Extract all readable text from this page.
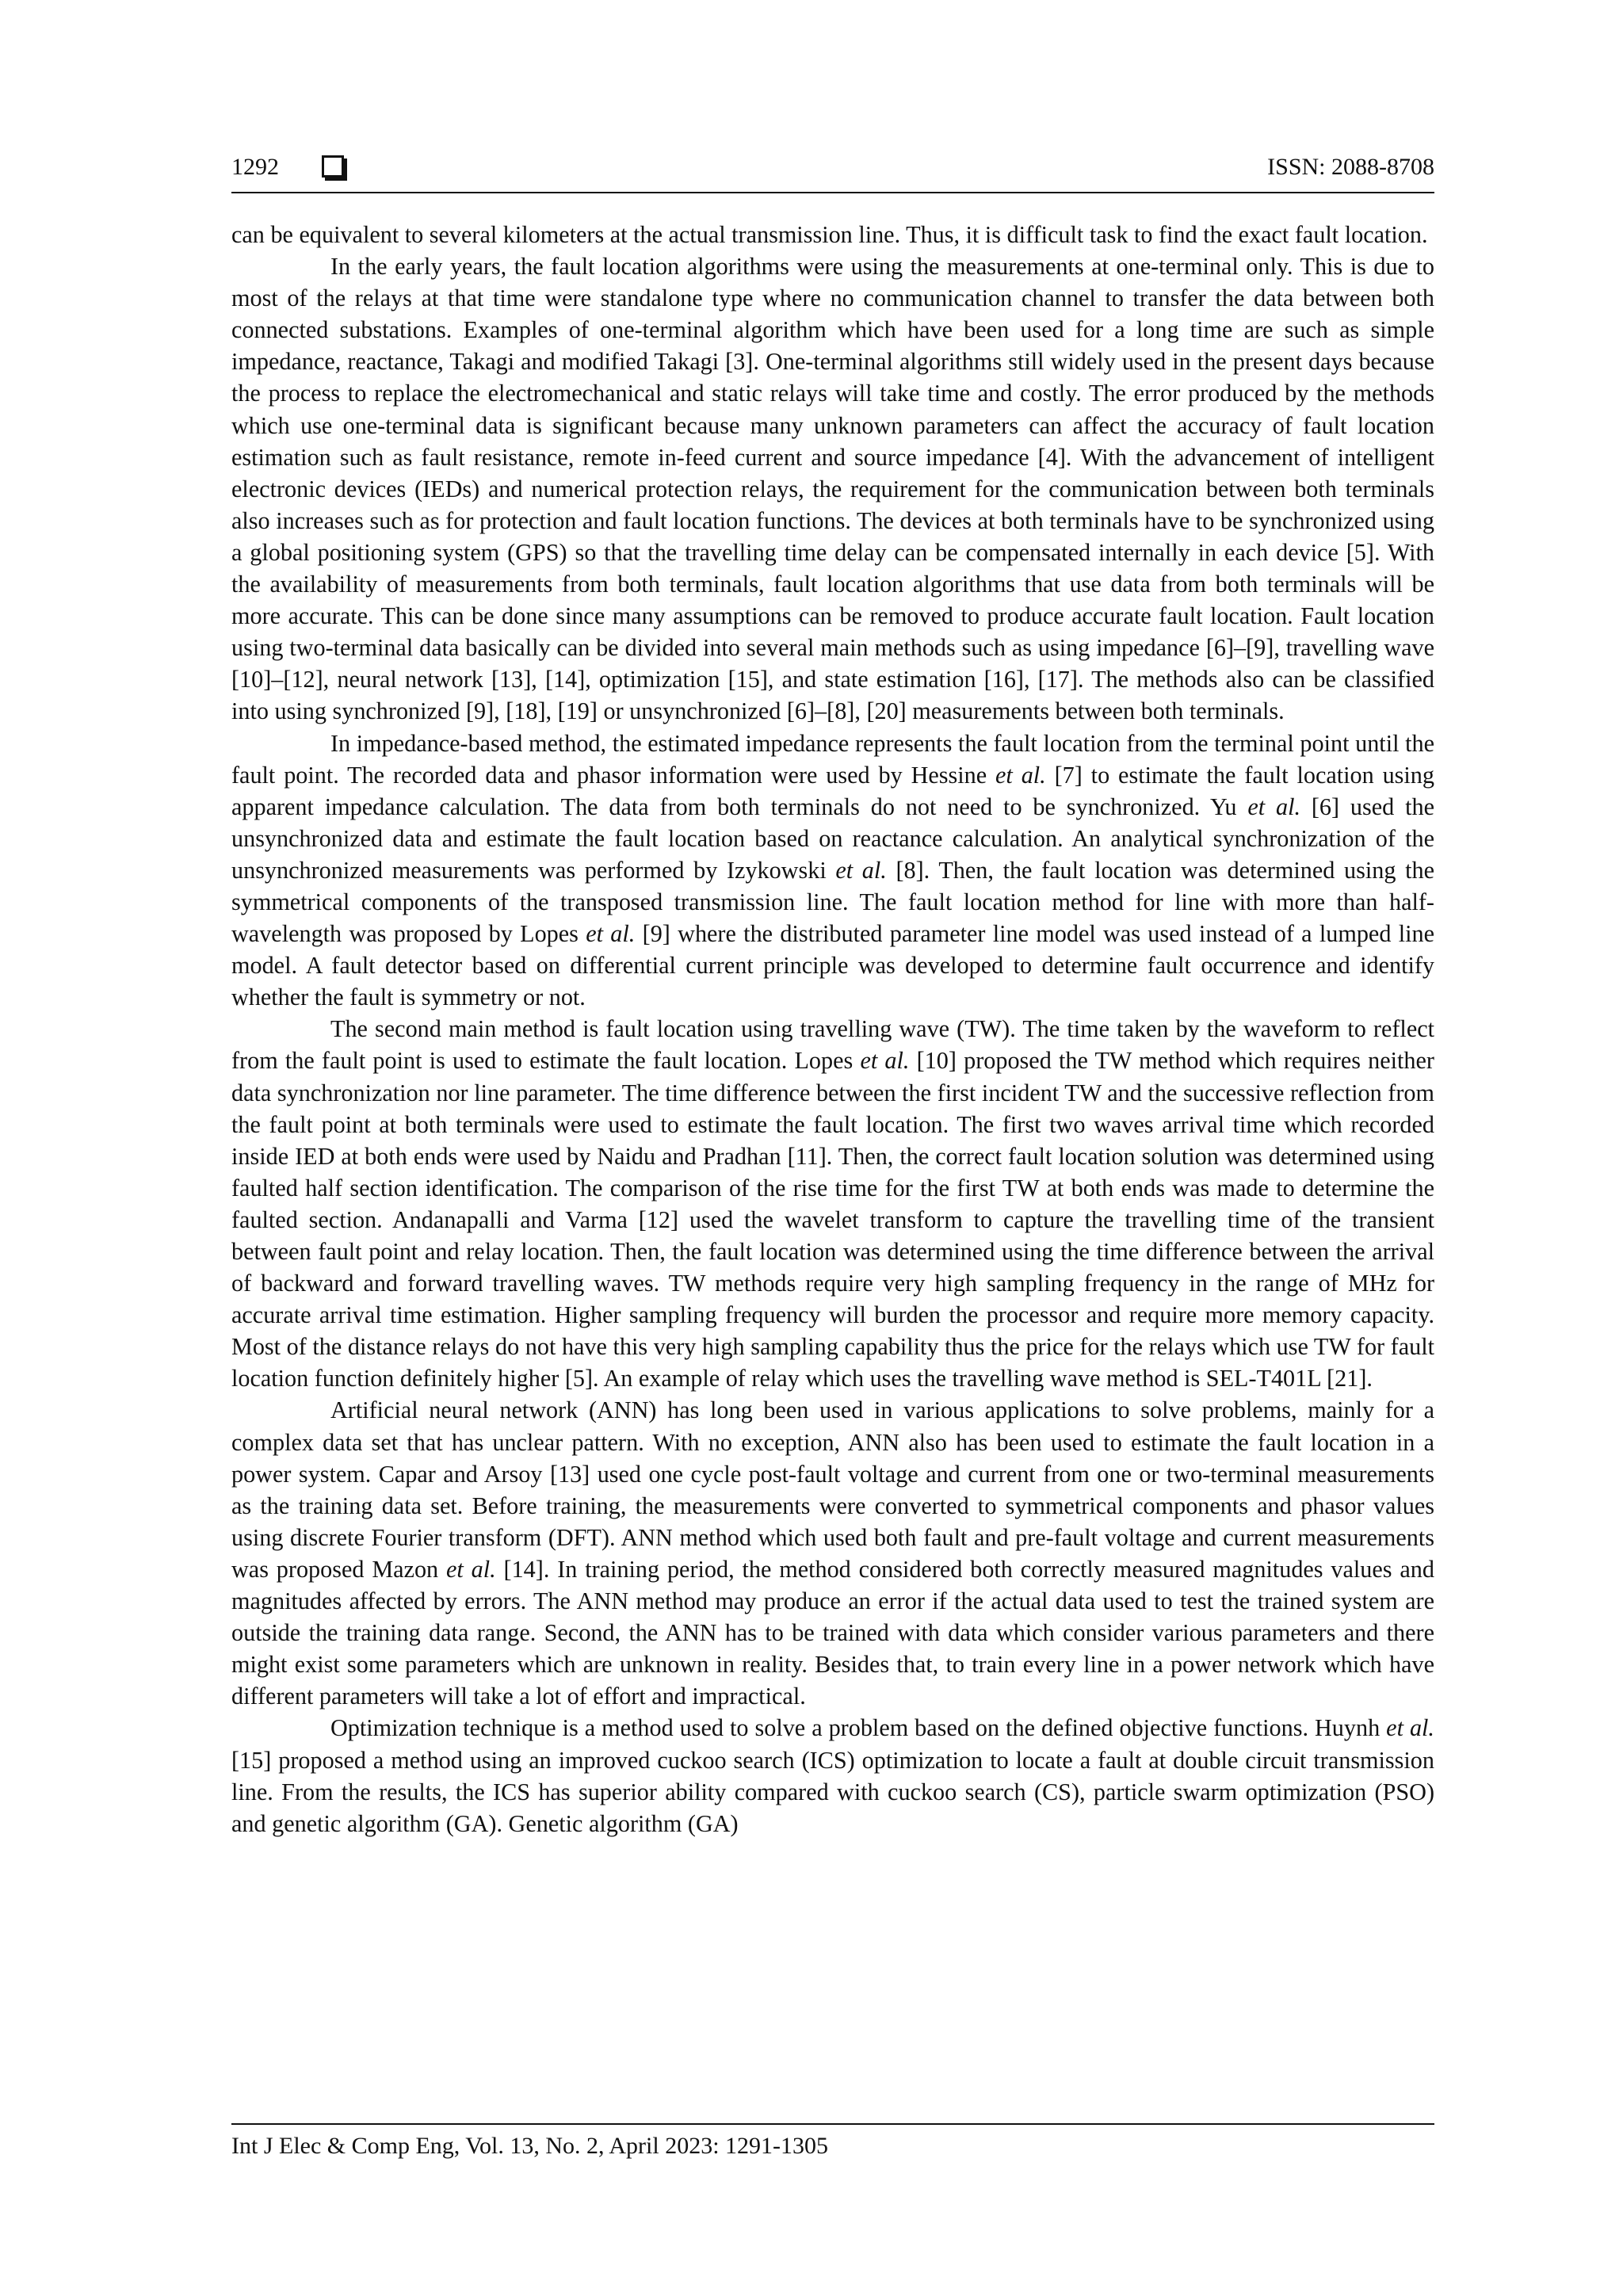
1292	ISSN: 2088-8708

can be equivalent to several kilometers at the actual transmission line. Thus, it is difficult task to find the exact fault location.

In the early years, the fault location algorithms were using the measurements at one-terminal only. This is due to most of the relays at that time were standalone type where no communication channel to transfer the data between both connected substations. Examples of one-terminal algorithm which have been used for a long time are such as simple impedance, reactance, Takagi and modified Takagi [3]. One-terminal algorithms still widely used in the present days because the process to replace the electromechanical and static relays will take time and costly. The error produced by the methods which use one-terminal data is significant because many unknown parameters can affect the accuracy of fault location estimation such as fault resistance, remote in-feed current and source impedance [4]. With the advancement of intelligent electronic devices (IEDs) and numerical protection relays, the requirement for the communication between both terminals also increases such as for protection and fault location functions. The devices at both terminals have to be synchronized using a global positioning system (GPS) so that the travelling time delay can be compensated internally in each device [5]. With the availability of measurements from both terminals, fault location algorithms that use data from both terminals will be more accurate. This can be done since many assumptions can be removed to produce accurate fault location. Fault location using two-terminal data basically can be divided into several main methods such as using impedance [6]–[9], travelling wave [10]–[12], neural network [13], [14], optimization [15], and state estimation [16], [17]. The methods also can be classified into using synchronized [9], [18], [19] or unsynchronized [6]–[8], [20] measurements between both terminals.

In impedance-based method, the estimated impedance represents the fault location from the terminal point until the fault point. The recorded data and phasor information were used by Hessine et al. [7] to estimate the fault location using apparent impedance calculation. The data from both terminals do not need to be synchronized. Yu et al. [6] used the unsynchronized data and estimate the fault location based on reactance calculation. An analytical synchronization of the unsynchronized measurements was performed by Izykowski et al. [8]. Then, the fault location was determined using the symmetrical components of the transposed transmission line. The fault location method for line with more than half-wavelength was proposed by Lopes et al. [9] where the distributed parameter line model was used instead of a lumped line model. A fault detector based on differential current principle was developed to determine fault occurrence and identify whether the fault is symmetry or not.

The second main method is fault location using travelling wave (TW). The time taken by the waveform to reflect from the fault point is used to estimate the fault location. Lopes et al. [10] proposed the TW method which requires neither data synchronization nor line parameter. The time difference between the first incident TW and the successive reflection from the fault point at both terminals were used to estimate the fault location. The first two waves arrival time which recorded inside IED at both ends were used by Naidu and Pradhan [11]. Then, the correct fault location solution was determined using faulted half section identification. The comparison of the rise time for the first TW at both ends was made to determine the faulted section. Andanapalli and Varma [12] used the wavelet transform to capture the travelling time of the transient between fault point and relay location. Then, the fault location was determined using the time difference between the arrival of backward and forward travelling waves. TW methods require very high sampling frequency in the range of MHz for accurate arrival time estimation. Higher sampling frequency will burden the processor and require more memory capacity. Most of the distance relays do not have this very high sampling capability thus the price for the relays which use TW for fault location function definitely higher [5]. An example of relay which uses the travelling wave method is SEL-T401L [21].

Artificial neural network (ANN) has long been used in various applications to solve problems, mainly for a complex data set that has unclear pattern. With no exception, ANN also has been used to estimate the fault location in a power system. Capar and Arsoy [13] used one cycle post-fault voltage and current from one or two-terminal measurements as the training data set. Before training, the measurements were converted to symmetrical components and phasor values using discrete Fourier transform (DFT). ANN method which used both fault and pre-fault voltage and current measurements was proposed Mazon et al. [14]. In training period, the method considered both correctly measured magnitudes values and magnitudes affected by errors. The ANN method may produce an error if the actual data used to test the trained system are outside the training data range. Second, the ANN has to be trained with data which consider various parameters and there might exist some parameters which are unknown in reality. Besides that, to train every line in a power network which have different parameters will take a lot of effort and impractical.

Optimization technique is a method used to solve a problem based on the defined objective functions. Huynh et al. [15] proposed a method using an improved cuckoo search (ICS) optimization to locate a fault at double circuit transmission line. From the results, the ICS has superior ability compared with cuckoo search (CS), particle swarm optimization (PSO) and genetic algorithm (GA). Genetic algorithm (GA)

Int J Elec & Comp Eng, Vol. 13, No. 2, April 2023: 1291-1305
